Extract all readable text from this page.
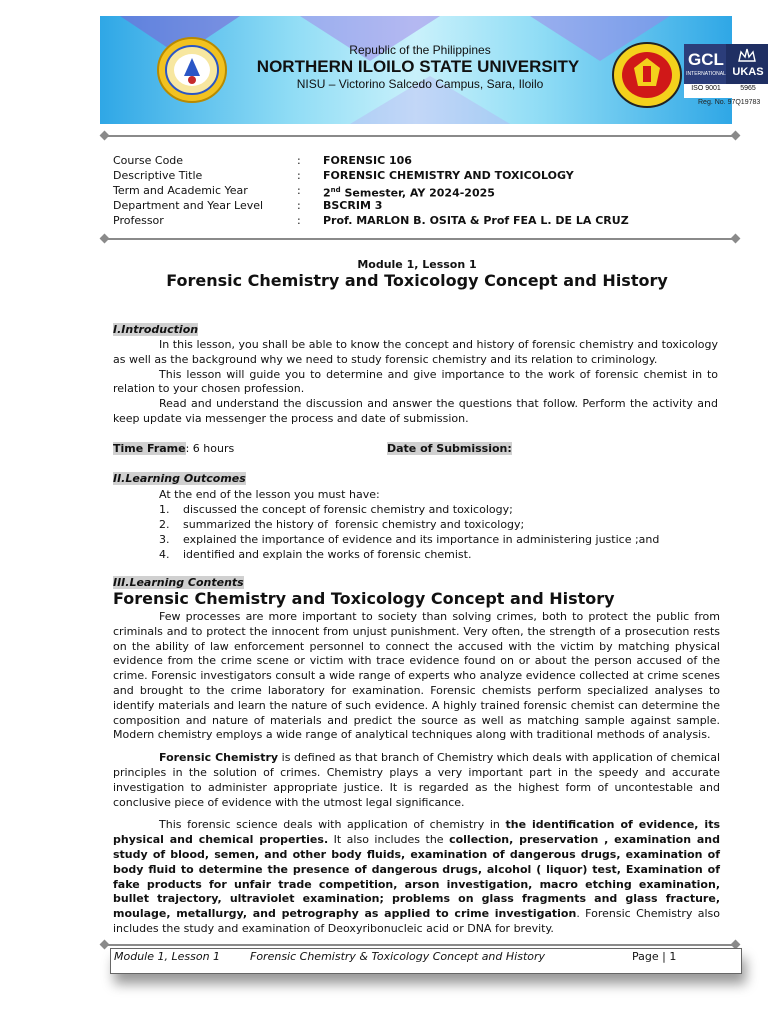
Republic of the Philippines
NORTHERN ILOILO STATE UNIVERSITY
NISU – Victorino Salcedo Campus, Sara, Iloilo
GCL
INTERNATIONAL UKAS
ISO 9001	5965
Reg. No. 97Q19783
Course Code	: FORENSIC 106
Descriptive Title	: FORENSIC CHEMISTRY AND TOXICOLOGY
Term and Academic Year	: 2nd Semester, AY 2024-2025
Department and Year Level	: BSCRIM 3
Professor	: Prof. MARLON B. OSITA & Prof FEA L. DE LA CRUZ
Module 1, Lesson 1
Forensic Chemistry and Toxicology Concept and History
I.Introduction
In this lesson, you shall be able to know the concept and history of forensic chemistry and toxicology as well as the background why we need to study forensic chemistry and its relation to criminology.
This lesson will guide you to determine and give importance to the work of forensic chemist in to relation to your chosen profession.
Read and understand the discussion and answer the questions that follow. Perform the activity and keep update via messenger the process and date of submission.
Time Frame: 6 hours	Date of Submission:
II.Learning Outcomes
At the end of the lesson you must have:
1. discussed the concept of forensic chemistry and toxicology;
2. summarized the history of  forensic chemistry and toxicology;
3. explained the importance of evidence and its importance in administering justice ;and
4. identified and explain the works of forensic chemist.
III.Learning Contents
Forensic Chemistry and Toxicology Concept and History
Few processes are more important to society than solving crimes, both to protect the public from criminals and to protect the innocent from unjust punishment. Very often, the strength of a prosecution rests on the ability of law enforcement personnel to connect the accused with the victim by matching physical evidence from the crime scene or victim with trace evidence found on or about the person accused of the crime. Forensic investigators consult a wide range of experts who analyze evidence collected at crime scenes and brought to the crime laboratory for examination. Forensic chemists perform specialized analyses to identify materials and learn the nature of such evidence. A highly trained forensic chemist can determine the composition and nature of materials and predict the source as well as matching sample against sample. Modern chemistry employs a wide range of analytical techniques along with traditional methods of analysis.
Forensic Chemistry is defined as that branch of Chemistry which deals with application of chemical principles in the solution of crimes. Chemistry plays a very important part in the speedy and accurate investigation to administer appropriate justice. It is regarded as the highest form of uncontestable and conclusive piece of evidence with the utmost legal significance.
This forensic science deals with application of chemistry in the identification of evidence, its physical and chemical properties. It also includes the collection, preservation , examination and study of blood, semen, and other body fluids, examination of dangerous drugs, examination of body fluid to determine the presence of dangerous drugs, alcohol ( liquor) test, Examination of fake products for unfair trade competition, arson investigation, macro etching examination, bullet trajectory, ultraviolet examination; problems on glass fragments and glass fracture, moulage, metallurgy, and petrography as applied to crime investigation. Forensic Chemistry also includes the study and examination of Deoxyribonucleic acid or DNA for brevity.
Module 1, Lesson 1	Forensic Chemistry & Toxicology Concept and History	Page | 1
